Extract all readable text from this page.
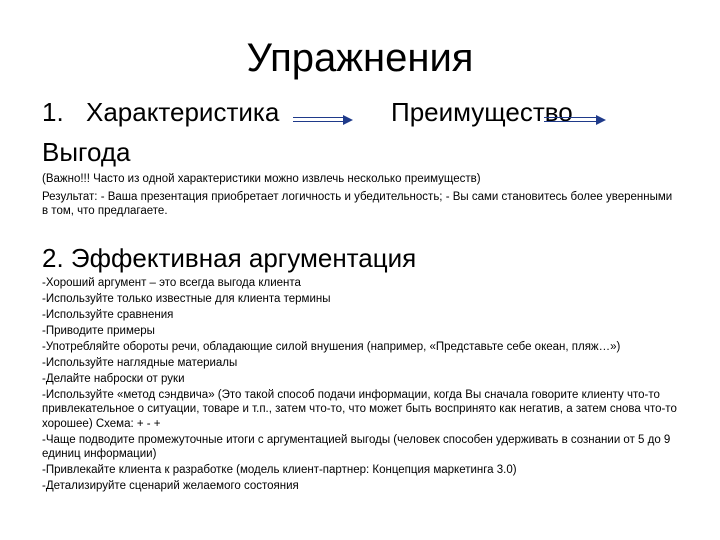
Упражнения
1. Характеристика	Преимущество
Выгода
(Важно!!! Часто из одной характеристики можно извлечь несколько преимуществ)
Результат: - Ваша презентация приобретает логичность и убедительность; - Вы сами становитесь более уверенными в том, что предлагаете.
2. Эффективная аргументация
-Хороший аргумент – это всегда выгода клиента
-Используйте только известные для клиента термины
-Используйте сравнения
-Приводите примеры
-Употребляйте обороты речи, обладающие силой внушения (например, «Представьте себе океан, пляж…»)
-Используйте наглядные материалы
-Делайте наброски от руки
-Используйте «метод сэндвича» (Это такой способ подачи информации, когда Вы сначала говорите клиенту что-то привлекательное о ситуации, товаре и т.п., затем что-то, что может быть воспринято как негатив, а затем снова что-то хорошее) Схема: + - +
-Чаще подводите промежуточные итоги с аргументацией выгоды (человек способен удерживать в сознании от 5 до 9 единиц информации)
-Привлекайте клиента к разработке (модель клиент-партнер: Концепция маркетинга 3.0)
-Детализируйте сценарий желаемого состояния
